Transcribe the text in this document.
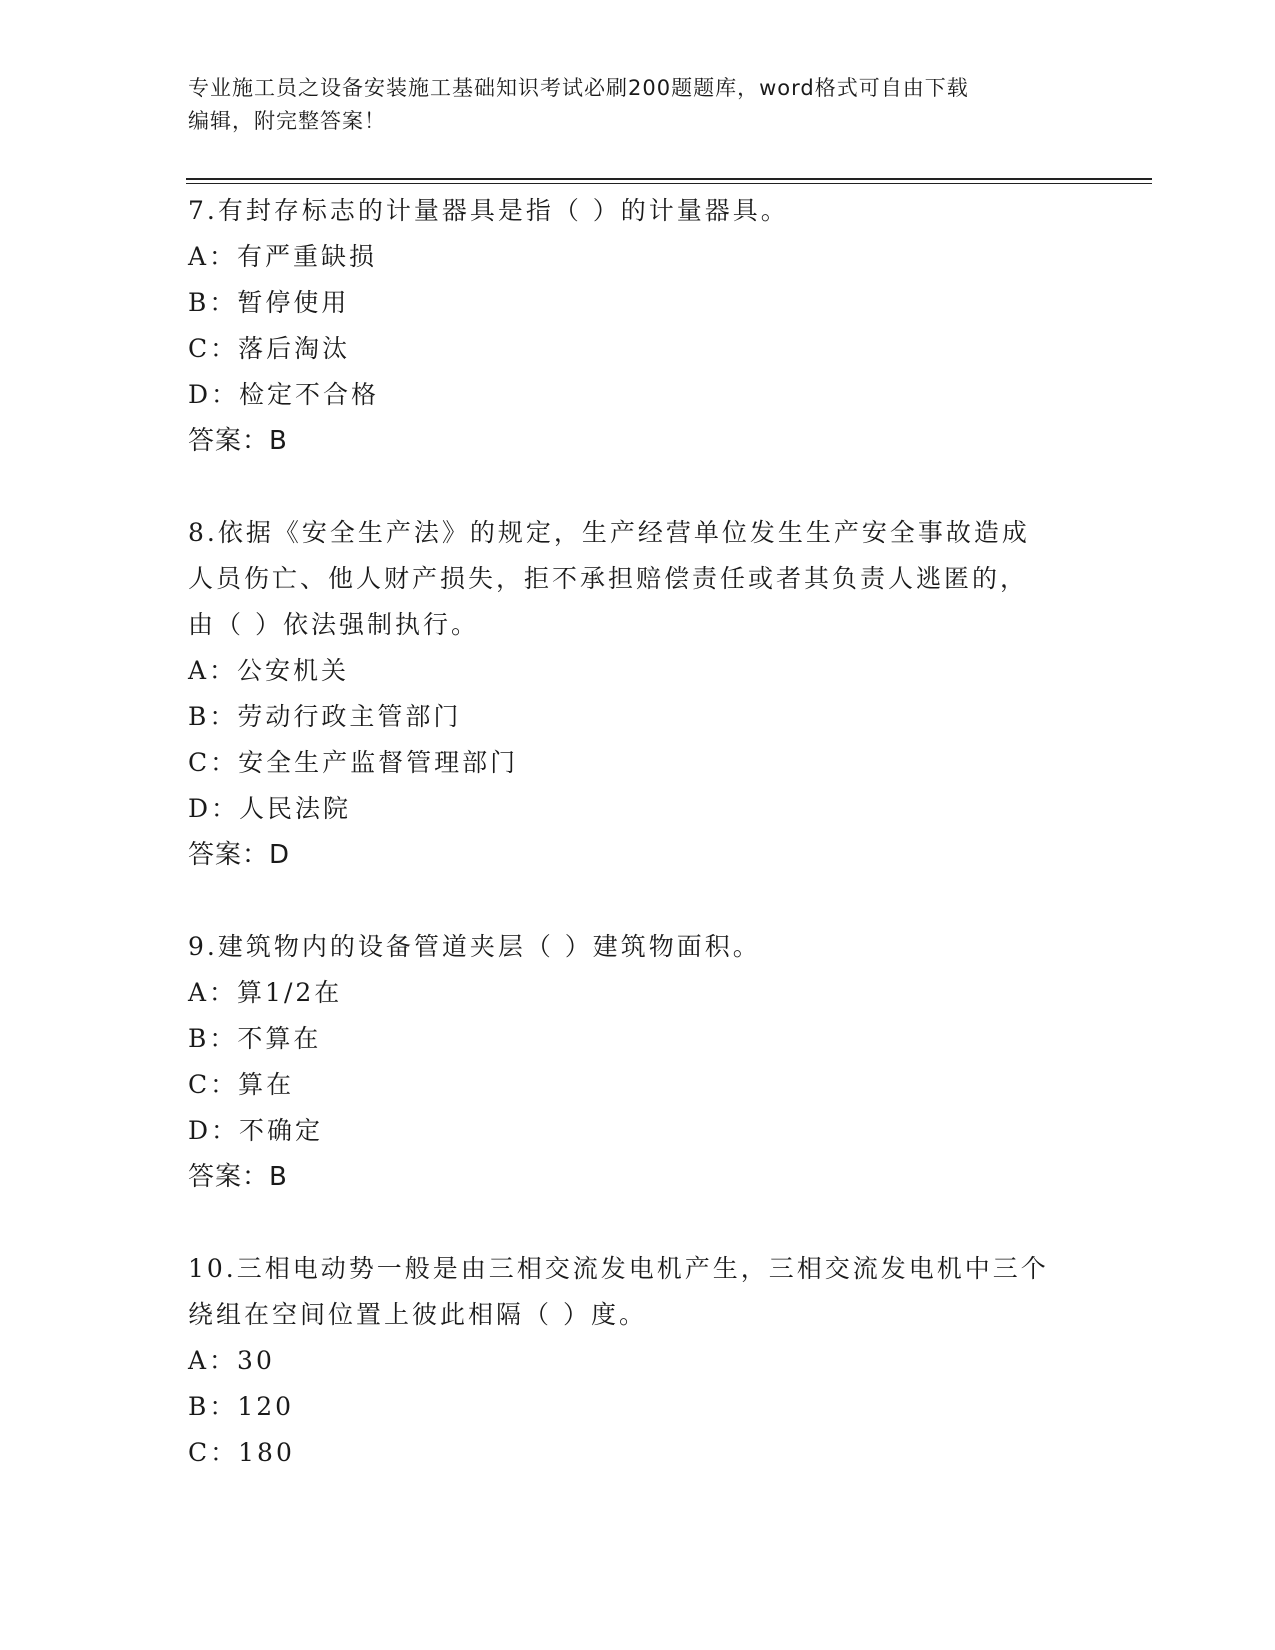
专业施工员之设备安装施工基础知识考试必刷200题题库，word格式可自由下载
编辑，附完整答案！
7.有封存标志的计量器具是指（ ）的计量器具。
A：有严重缺损
B：暂停使用
C：落后淘汰
D：检定不合格
答案：B
8.依据《安全生产法》的规定，生产经营单位发生生产安全事故造成
人员伤亡、他人财产损失，拒不承担赔偿责任或者其负责人逃匿的，
由（ ）依法强制执行。
A：公安机关
B：劳动行政主管部门
C：安全生产监督管理部门
D：人民法院
答案：D
9.建筑物内的设备管道夹层（ ）建筑物面积。
A：算1/2在
B：不算在
C：算在
D：不确定
答案：B
10.三相电动势一般是由三相交流发电机产生，三相交流发电机中三个
绕组在空间位置上彼此相隔（ ）度。
A：30
B：120
C：180
